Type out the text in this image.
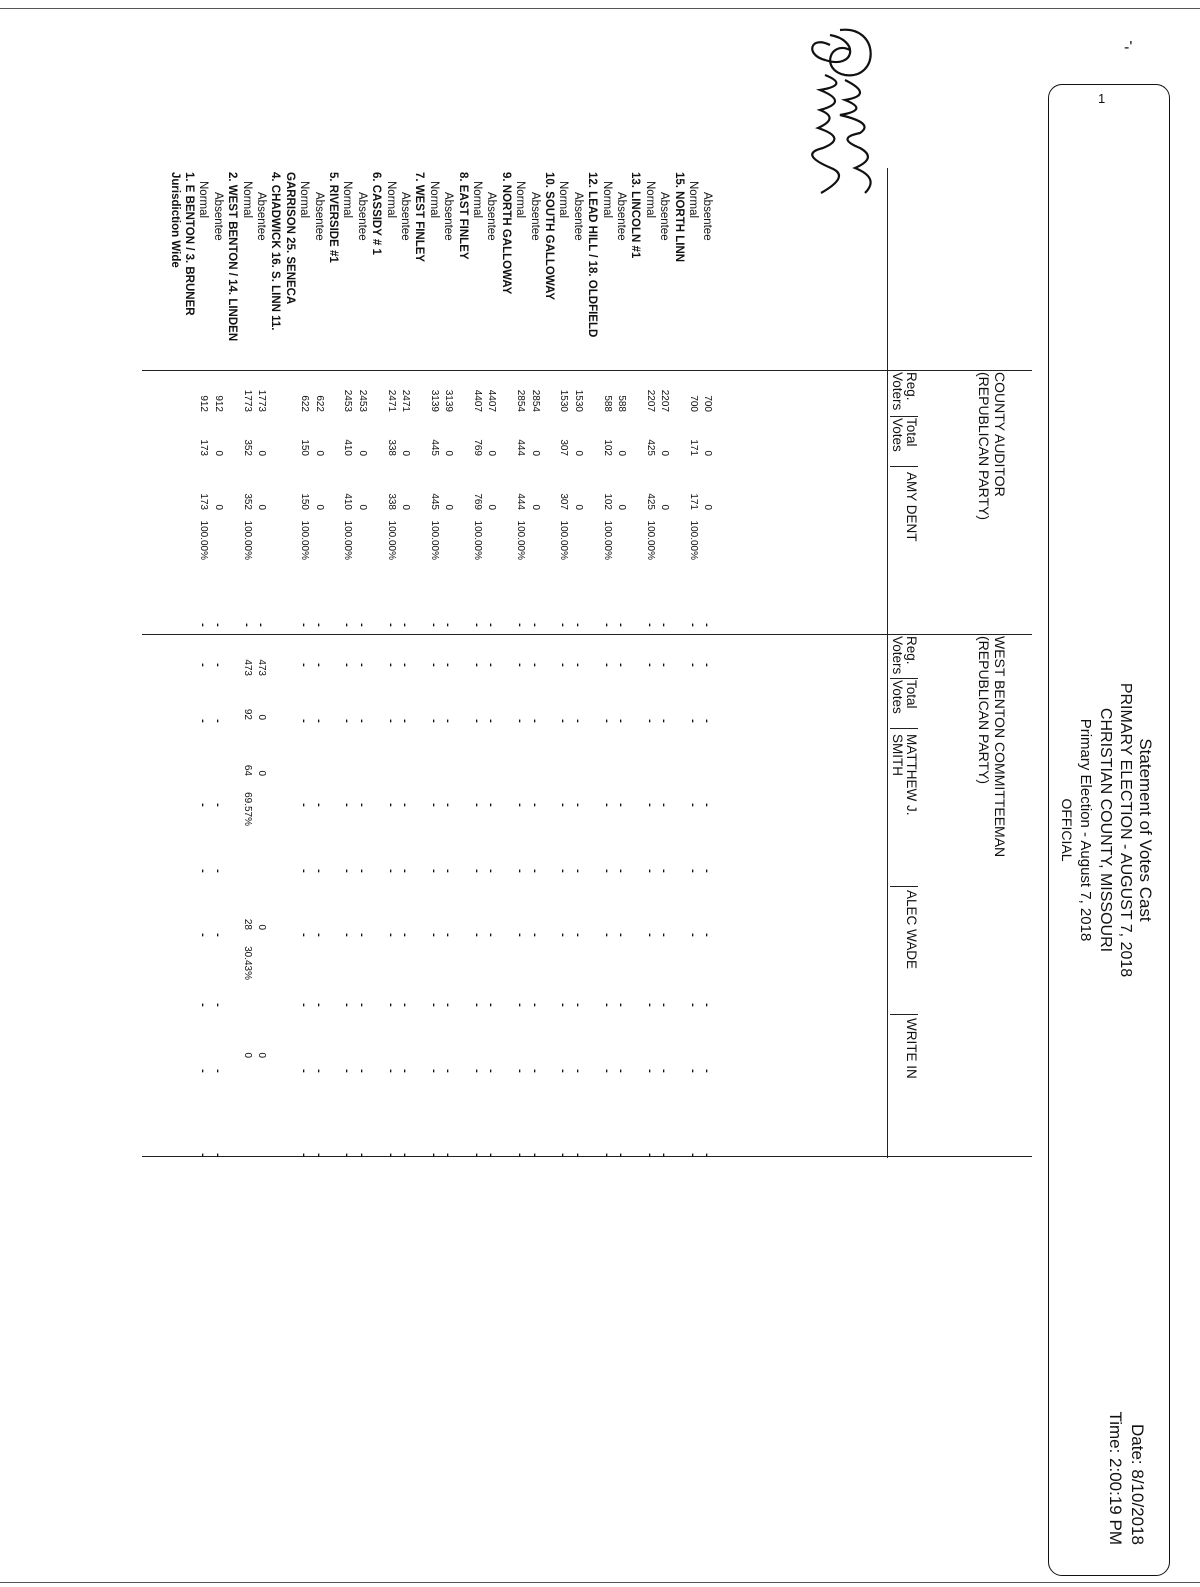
-'
1
Statement of Votes Cast
PRIMARY ELECTION - AUGUST 7, 2018
CHRISTIAN COUNTY, MISSOURI
Primary Election - August 7, 2018
OFFICIAL
Date: 8/10/2018
Time: 2:00:19 PM
COUNTY AUDITOR
(REPUBLICAN PARTY)
WEST BENTON COMMITTEEMAN
(REPUBLICAN PARTY)
Reg.
Voters
Total
Votes
AMY DENT
Reg.
Voters
Total
Votes
MATTHEW J.
SMITH
ALEC WADE
WRITE IN
Jurisdiction Wide 1. E BENTON / 3. BRUNER Normal
912
173
173
100.00%
-
-
-
-
-
-
-
-
-
Absentee
912
0
0
-
-
-
-
-
-
-
-
-
2. WEST BENTON / 14. LINDEN Normal
1773
352
352
100.00%
473
92
64
69.57%
28
30.43%
0
-
Absentee
1773
0
0
473
0
0
0
0
-
4. CHADWICK 16. S. LINN 11. GARRISON 25. SENECA Normal
622
150
150
100.00%
-
-
-
-
-
-
-
-
-
Absentee
622
0
0
-
-
-
-
-
-
-
-
-
5. RIVERSIDE #1 Normal
2453
410
410
100.00%
-
-
-
-
-
-
-
-
-
Absentee
2453
0
0
-
-
-
-
-
-
-
-
-
6. CASSIDY # 1 Normal
2471
338
338
100.00%
-
-
-
-
-
-
-
-
-
Absentee
2471
0
0
-
-
-
-
-
-
-
-
-
7. WEST FINLEY Normal
3139
445
445
100.00%
-
-
-
-
-
-
-
-
-
Absentee
3139
0
0
-
-
-
-
-
-
-
-
-
8. EAST FINLEY Normal
4407
769
769
100.00%
-
-
-
-
-
-
-
-
-
Absentee
4407
0
0
-
-
-
-
-
-
-
-
-
9. NORTH GALLOWAY Normal
2854
444
444
100.00%
-
-
-
-
-
-
-
-
-
Absentee
2854
0
0
-
-
-
-
-
-
-
-
-
10. SOUTH GALLOWAY Normal
1530
307
307
100.00%
-
-
-
-
-
-
-
-
-
Absentee
1530
0
0
-
-
-
-
-
-
-
-
-
12. LEAD HILL / 18. OLDFIELD Normal
588
102
102
100.00%
-
-
-
-
-
-
-
-
-
Absentee
588
0
0
-
-
-
-
-
-
-
-
-
13. LINCOLN #1 Normal
2207
425
425
100.00%
-
-
-
-
-
-
-
-
-
Absentee
2207
0
0
-
-
-
-
-
-
-
-
-
15. NORTH LINN Normal
700
171
171
100.00%
-
-
-
-
-
-
-
-
-
Absentee
700
0
0
-
-
-
-
-
-
-
-
-
